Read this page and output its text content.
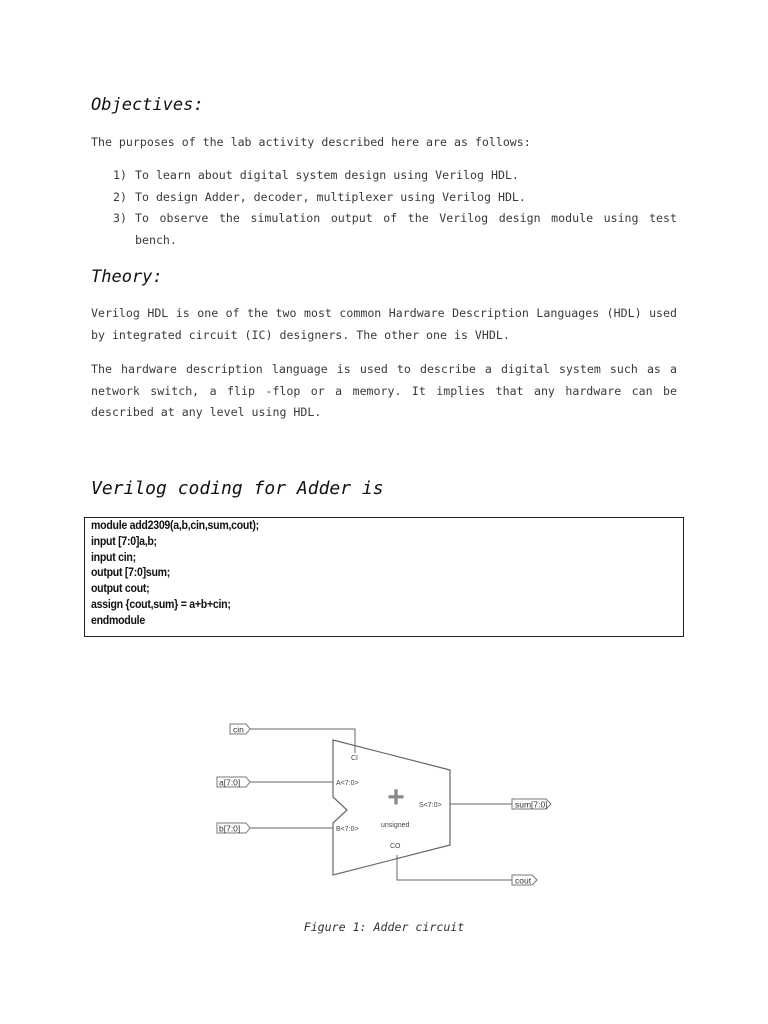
Objectives:

The purposes of the lab activity described here are as follows:

1) To learn about digital system design using Verilog HDL.
2) To design Adder, decoder, multiplexer using Verilog HDL.
3) To observe the simulation output of the Verilog design module using test
bench.
Theory:

Verilog HDL is one of the two most common Hardware Description Languages (HDL) used by integrated circuit (IC) designers. The other one is VHDL.

The hardware description language is used to describe a digital system such as a network switch, a flip -flop or a memory. It implies that any hardware can be described at any level using HDL.

Verilog coding for Adder is
module add2309(a,b,cin,sum,cout);
input [7:0]a,b;
input cin;
output [7:0]sum;
output cout;
assign {cout,sum} = a+b+cin;
endmodule
cin
a[7:0]
b[7:0]
CI
A<7:0>
B<7:0>
S<7:0>
CO
+
unsigned
sum[7:0]
cout

Figure 1: Adder circuit
